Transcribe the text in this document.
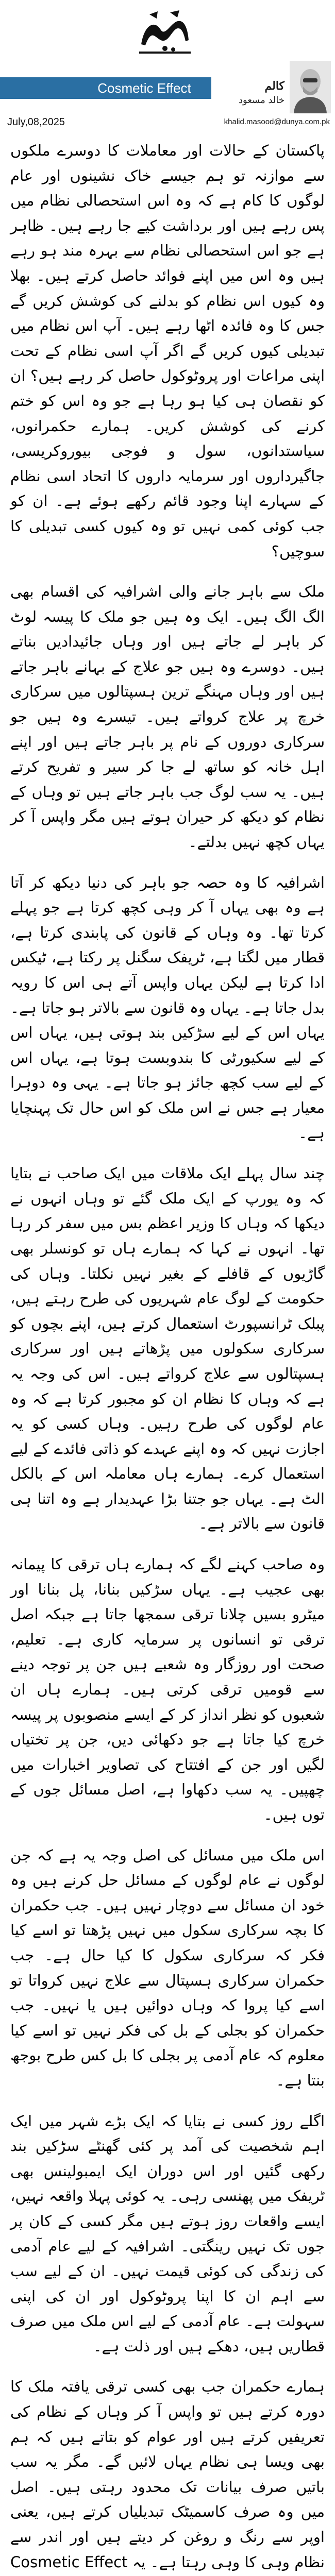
Cosmetic Effect	کالم
خالد مسعود
July,08,2025	khalid.masood@dunya.com.pk

پاکستان کے حالات اور معاملات کا دوسرے ملکوں سے موازنہ تو ہم جیسے خاک نشینوں اور عام لوگوں کا کام ہے کہ وہ اس استحصالی نظام میں پس رہے ہیں اور برداشت کیے جا رہے ہیں۔ ظاہر ہے جو اس استحصالی نظام سے بہرہ مند ہو رہے ہیں وہ اس میں اپنے فوائد حاصل کرتے ہیں۔ بھلا وہ کیوں اس نظام کو بدلنے کی کوشش کریں گے جس کا وہ فائدہ اٹھا رہے ہیں۔ آپ اس نظام میں تبدیلی کیوں کریں گے اگر آپ اسی نظام کے تحت اپنی مراعات اور پروٹوکول حاصل کر رہے ہیں؟ ان کو نقصان ہی کیا ہو رہا ہے جو وہ اس کو ختم کرنے کی کوشش کریں۔ ہمارے حکمرانوں، سیاستدانوں، سول و فوجی بیوروکریسی، جاگیرداروں اور سرمایہ داروں کا اتحاد اسی نظام کے سہارے اپنا وجود قائم رکھے ہوئے ہے۔ ان کو جب کوئی کمی نہیں تو وہ کیوں کسی تبدیلی کا سوچیں؟

ملک سے باہر جانے والی اشرافیہ کی اقسام بھی الگ الگ ہیں۔ ایک وہ ہیں جو ملک کا پیسہ لوٹ کر باہر لے جاتے ہیں اور وہاں جائیدادیں بناتے ہیں۔ دوسرے وہ ہیں جو علاج کے بہانے باہر جاتے ہیں اور وہاں مہنگے ترین ہسپتالوں میں سرکاری خرچ پر علاج کرواتے ہیں۔ تیسرے وہ ہیں جو سرکاری دوروں کے نام پر باہر جاتے ہیں اور اپنے اہل خانہ کو ساتھ لے جا کر سیر و تفریح کرتے ہیں۔ یہ سب لوگ جب باہر جاتے ہیں تو وہاں کے نظام کو دیکھ کر حیران ہوتے ہیں مگر واپس آ کر یہاں کچھ نہیں بدلتے۔

اشرافیہ کا وہ حصہ جو باہر کی دنیا دیکھ کر آتا ہے وہ بھی یہاں آ کر وہی کچھ کرتا ہے جو پہلے کرتا تھا۔ وہ وہاں کے قانون کی پابندی کرتا ہے، قطار میں لگتا ہے، ٹریفک سگنل پر رکتا ہے، ٹیکس ادا کرتا ہے لیکن یہاں واپس آتے ہی اس کا رویہ بدل جاتا ہے۔ یہاں وہ قانون سے بالاتر ہو جاتا ہے۔ یہاں اس کے لیے سڑکیں بند ہوتی ہیں، یہاں اس کے لیے سکیورٹی کا بندوبست ہوتا ہے، یہاں اس کے لیے سب کچھ جائز ہو جاتا ہے۔ یہی وہ دوہرا معیار ہے جس نے اس ملک کو اس حال تک پہنچایا ہے۔

چند سال پہلے ایک ملاقات میں ایک صاحب نے بتایا کہ وہ یورپ کے ایک ملک گئے تو وہاں انہوں نے دیکھا کہ وہاں کا وزیر اعظم بس میں سفر کر رہا تھا۔ انہوں نے کہا کہ ہمارے ہاں تو کونسلر بھی گاڑیوں کے قافلے کے بغیر نہیں نکلتا۔ وہاں کی حکومت کے لوگ عام شہریوں کی طرح رہتے ہیں، پبلک ٹرانسپورٹ استعمال کرتے ہیں، اپنے بچوں کو سرکاری سکولوں میں پڑھاتے ہیں اور سرکاری ہسپتالوں سے علاج کرواتے ہیں۔ اس کی وجہ یہ ہے کہ وہاں کا نظام ان کو مجبور کرتا ہے کہ وہ عام لوگوں کی طرح رہیں۔ وہاں کسی کو یہ اجازت نہیں کہ وہ اپنے عہدے کو ذاتی فائدے کے لیے استعمال کرے۔ ہمارے ہاں معاملہ اس کے بالکل الٹ ہے۔ یہاں جو جتنا بڑا عہدیدار ہے وہ اتنا ہی قانون سے بالاتر ہے۔

وہ صاحب کہنے لگے کہ ہمارے ہاں ترقی کا پیمانہ بھی عجیب ہے۔ یہاں سڑکیں بنانا، پل بنانا اور میٹرو بسیں چلانا ترقی سمجھا جاتا ہے جبکہ اصل ترقی تو انسانوں پر سرمایہ کاری ہے۔ تعلیم، صحت اور روزگار وہ شعبے ہیں جن پر توجہ دینے سے قومیں ترقی کرتی ہیں۔ ہمارے ہاں ان شعبوں کو نظر انداز کر کے ایسے منصوبوں پر پیسہ خرچ کیا جاتا ہے جو دکھائی دیں، جن پر تختیاں لگیں اور جن کے افتتاح کی تصاویر اخبارات میں چھپیں۔ یہ سب دکھاوا ہے، اصل مسائل جوں کے توں ہیں۔

اس ملک میں مسائل کی اصل وجہ یہ ہے کہ جن لوگوں نے عام لوگوں کے مسائل حل کرنے ہیں وہ خود ان مسائل سے دوچار نہیں ہیں۔ جب حکمران کا بچہ سرکاری سکول میں نہیں پڑھتا تو اسے کیا فکر کہ سرکاری سکول کا کیا حال ہے۔ جب حکمران سرکاری ہسپتال سے علاج نہیں کرواتا تو اسے کیا پروا کہ وہاں دوائیں ہیں یا نہیں۔ جب حکمران کو بجلی کے بل کی فکر نہیں تو اسے کیا معلوم کہ عام آدمی پر بجلی کا بل کس طرح بوجھ بنتا ہے۔

اگلے روز کسی نے بتایا کہ ایک بڑے شہر میں ایک اہم شخصیت کی آمد پر کئی گھنٹے سڑکیں بند رکھی گئیں اور اس دوران ایک ایمبولینس بھی ٹریفک میں پھنسی رہی۔ یہ کوئی پہلا واقعہ نہیں، ایسے واقعات روز ہوتے ہیں مگر کسی کے کان پر جوں تک نہیں رینگتی۔ اشرافیہ کے لیے عام آدمی کی زندگی کی کوئی قیمت نہیں۔ ان کے لیے سب سے اہم ان کا اپنا پروٹوکول اور ان کی اپنی سہولت ہے۔ عام آدمی کے لیے اس ملک میں صرف قطاریں ہیں، دھکے ہیں اور ذلت ہے۔

ہمارے حکمران جب بھی کسی ترقی یافتہ ملک کا دورہ کرتے ہیں تو واپس آ کر وہاں کے نظام کی تعریفیں کرتے ہیں اور عوام کو بتاتے ہیں کہ ہم بھی ویسا ہی نظام یہاں لائیں گے۔ مگر یہ سب باتیں صرف بیانات تک محدود رہتی ہیں۔ اصل میں وہ صرف کاسمیٹک تبدیلیاں کرتے ہیں، یعنی اوپر سے رنگ و روغن کر دیتے ہیں اور اندر سے نظام وہی کا وہی رہتا ہے۔ یہ Cosmetic Effect
